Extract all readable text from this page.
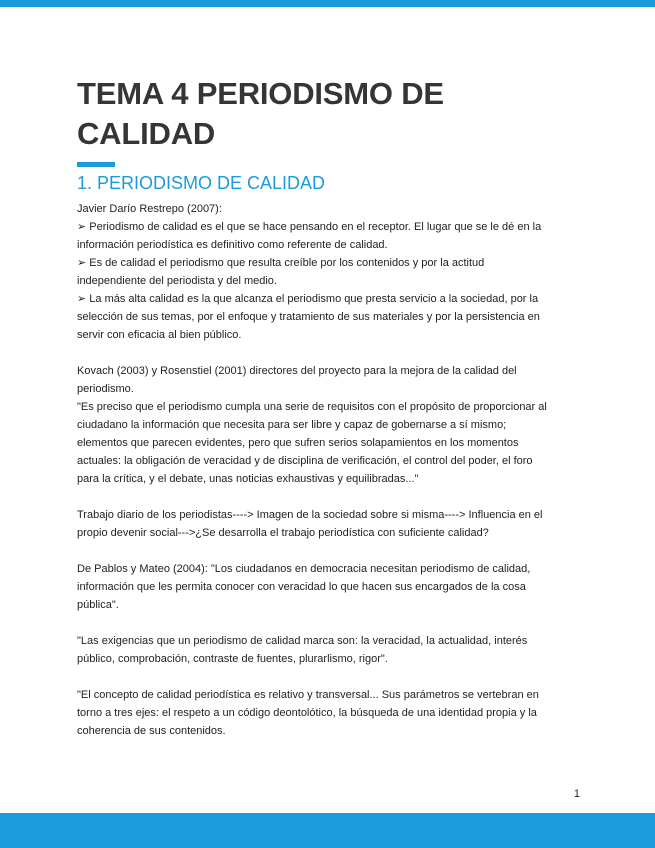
TEMA 4 PERIODISMO DE
CALIDAD
1. PERIODISMO DE CALIDAD
Javier Darío Restrepo (2007):
➢ Periodismo de calidad es el que se hace pensando en el receptor. El lugar que se le dé en la
información periodística es definitivo como referente de calidad.
➢ Es de calidad el periodismo que resulta creíble por los contenidos y por la actitud
independiente del periodista y del medio.
➢ La más alta calidad es la que alcanza el periodismo que presta servicio a la sociedad, por la
selección de sus temas, por el enfoque y tratamiento de sus materiales y por la persistencia en
servir con eficacia al bien público.
Kovach (2003) y Rosenstiel (2001) directores del proyecto para la mejora de la calidad del
periodismo.
"Es preciso que el periodismo cumpla una serie de requisitos con el propósito de proporcionar al
ciudadano la información que necesita para ser libre y capaz de gobernarse a sí mismo;
elementos que parecen evidentes, pero que sufren serios solapamientos en los momentos
actuales: la obligación de veracidad y de disciplina de verificación, el control del poder, el foro
para la crítica, y el debate, unas noticias exhaustivas y equilibradas..."
Trabajo diario de los periodistas----> Imagen de la sociedad sobre si misma----> Influencia en el
propio devenir social--->¿Se desarrolla el trabajo periodística con suficiente calidad?
De Pablos y Mateo (2004): "Los ciudadanos en democracia necesitan periodismo de calidad,
información que les permita conocer con veracidad lo que hacen sus encargados de la cosa
pública".
"Las exigencias que un periodismo de calidad marca son: la veracidad, la actualidad, interés
público, comprobación, contraste de fuentes, plurarlismo, rigor".
"El concepto de calidad periodística es relativo y transversal... Sus parámetros se vertebran en
torno a tres ejes: el respeto a un código deontolótico, la búsqueda de una identidad propia y la
coherencia de sus contenidos.
1
